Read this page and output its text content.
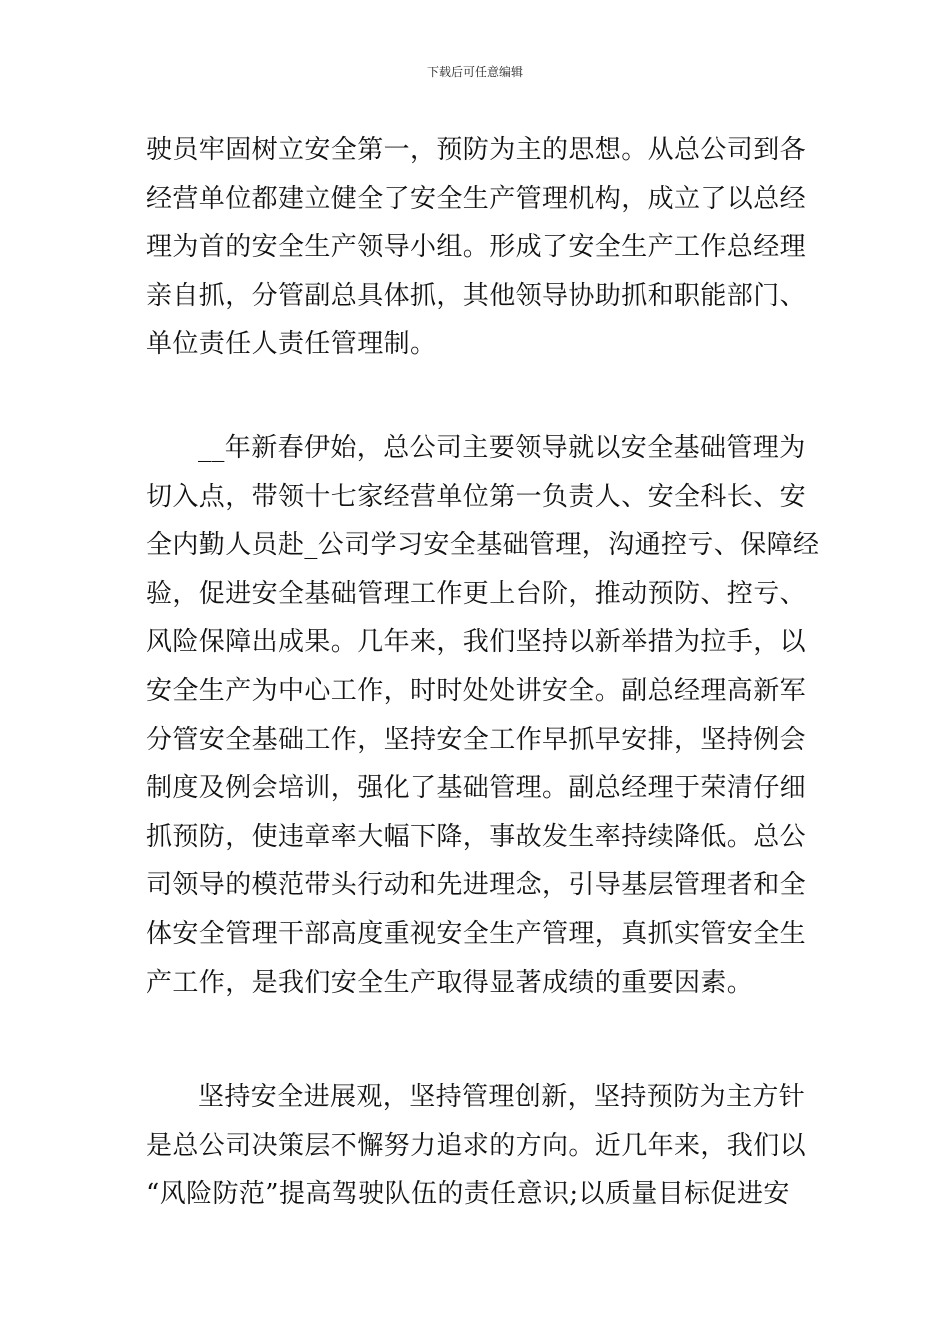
下载后可任意编辑
驶员牢固树立安全第一，预防为主的思想。从总公司到各
经营单位都建立健全了安全生产管理机构，成立了以总经
理为首的安全生产领导小组。形成了安全生产工作总经理
亲自抓，分管副总具体抓，其他领导协助抓和职能部门、
单位责任人责任管理制。
__年新春伊始，总公司主要领导就以安全基础管理为
切入点，带领十七家经营单位第一负责人、安全科长、安
全内勤人员赴_公司学习安全基础管理，沟通控亏、保障经
验，促进安全基础管理工作更上台阶，推动预防、控亏、
风险保障出成果。几年来，我们坚持以新举措为拉手，以
安全生产为中心工作，时时处处讲安全。副总经理高新军
分管安全基础工作，坚持安全工作早抓早安排，坚持例会
制度及例会培训，强化了基础管理。副总经理于荣清仔细
抓预防，使违章率大幅下降，事故发生率持续降低。总公
司领导的模范带头行动和先进理念，引导基层管理者和全
体安全管理干部高度重视安全生产管理，真抓实管安全生
产工作，是我们安全生产取得显著成绩的重要因素。
坚持安全进展观，坚持管理创新，坚持预防为主方针
是总公司决策层不懈努力追求的方向。近几年来，我们以
“风险防范”提高驾驶队伍的责任意识;以质量目标促进安
